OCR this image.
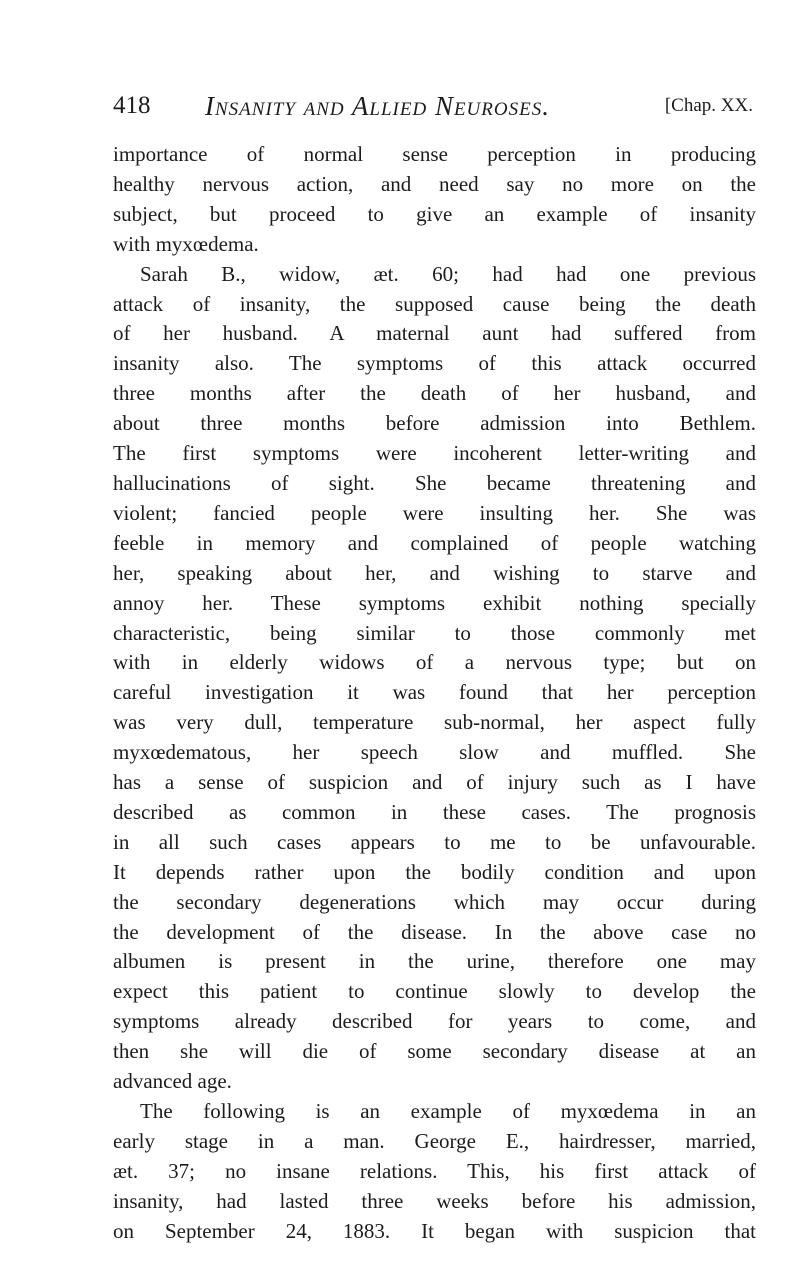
418 Insanity and Allied Neuroses.	[Chap. XX.
importance of normal sense perception in producing
healthy nervous action, and need say no more on the
subject, but proceed to give an example of insanity
with myxœdema.
Sarah B., widow, æt. 60; had had one previous
attack of insanity, the supposed cause being the death
of her husband. A maternal aunt had suffered from
insanity also. The symptoms of this attack occurred
three months after the death of her husband, and
about three months before admission into Bethlem.
The first symptoms were incoherent letter-writing and
hallucinations of sight. She became threatening and
violent; fancied people were insulting her. She was
feeble in memory and complained of people watching
her, speaking about her, and wishing to starve and
annoy her. These symptoms exhibit nothing specially
characteristic, being similar to those commonly met
with in elderly widows of a nervous type; but on
careful investigation it was found that her perception
was very dull, temperature sub-normal, her aspect fully
myxœdematous, her speech slow and muffled. She
has a sense of suspicion and of injury such as I have
described as common in these cases. The prognosis
in all such cases appears to me to be unfavourable.
It depends rather upon the bodily condition and upon
the secondary degenerations which may occur during
the development of the disease. In the above case no
albumen is present in the urine, therefore one may
expect this patient to continue slowly to develop the
symptoms already described for years to come, and
then she will die of some secondary disease at an
advanced age.
The following is an example of myxœdema in an
early stage in a man. George E., hairdresser, married,
æt. 37; no insane relations. This, his first attack of
insanity, had lasted three weeks before his admission,
on September 24, 1883. It began with suspicion that
